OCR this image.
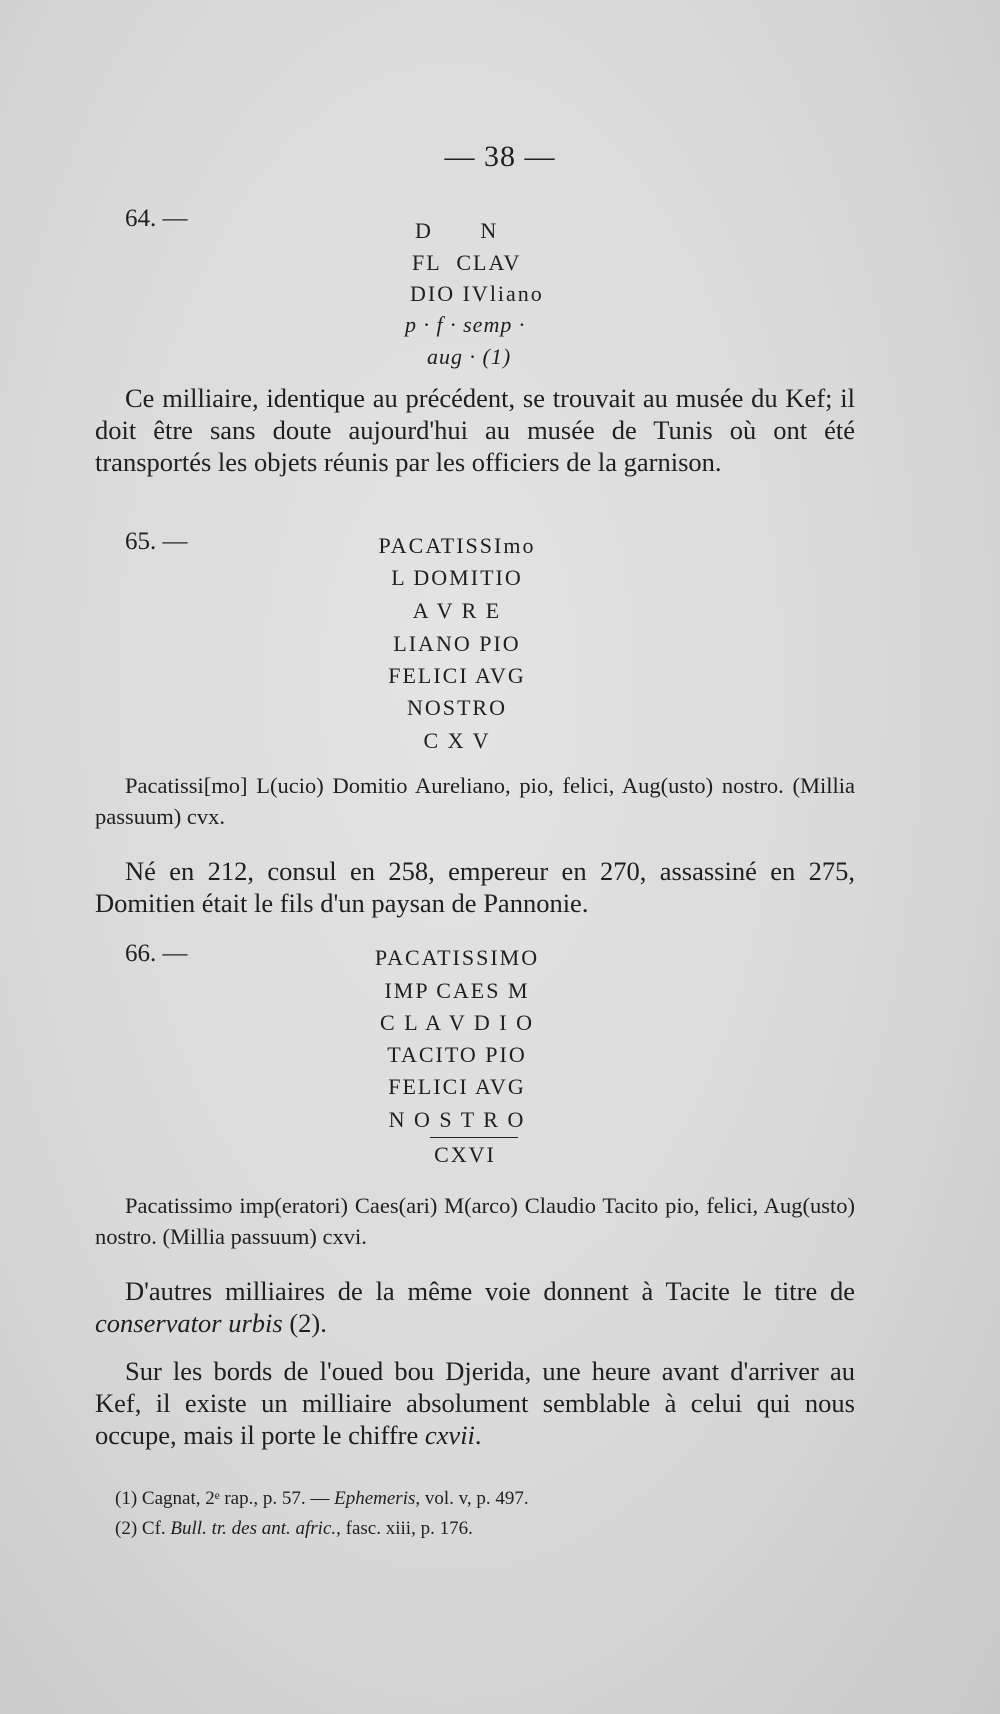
— 38 —

64. —	D N

FL CLAV

DIO IVliano

p · f · semp ·

aug · (1)

Ce milliaire, identique au précédent, se trouvait au musée du Kef; il doit être sans doute aujourd'hui au musée de Tunis où ont été transportés les objets réunis par les officiers de la garnison.

65. —	PACATISSImo

L DOMITIO

A V R E

LIANO PIO

FELICI AVG

NOSTRO

C X V

Pacatissi[mo] L(ucio) Domitio Aureliano, pio, felici, Aug(usto) nostro. (Millia passuum) cvx.

Né en 212, consul en 258, empereur en 270, assassiné en 275, Domitien était le fils d'un paysan de Pannonie.

66. —	PACATISSIMO

IMP CAES M

C L A V D I O

TACITO PIO

FELICI AVG

N O S T R O

CXVI

Pacatissimo imp(eratori) Caes(ari) M(arco) Claudio Tacito pio, felici, Aug(usto) nostro. (Millia passuum) cxvi.

D'autres milliaires de la même voie donnent à Tacite le titre de conservator urbis (2).

Sur les bords de l'oued bou Djerida, une heure avant d'arriver au Kef, il existe un milliaire absolument semblable à celui qui nous occupe, mais il porte le chiffre cxvii.

(1) Cagnat, 2ᵉ rap., p. 57. — Ephemeris, vol. v, p. 497.

(2) Cf. Bull. tr. des ant. afric., fasc. xiii, p. 176.
